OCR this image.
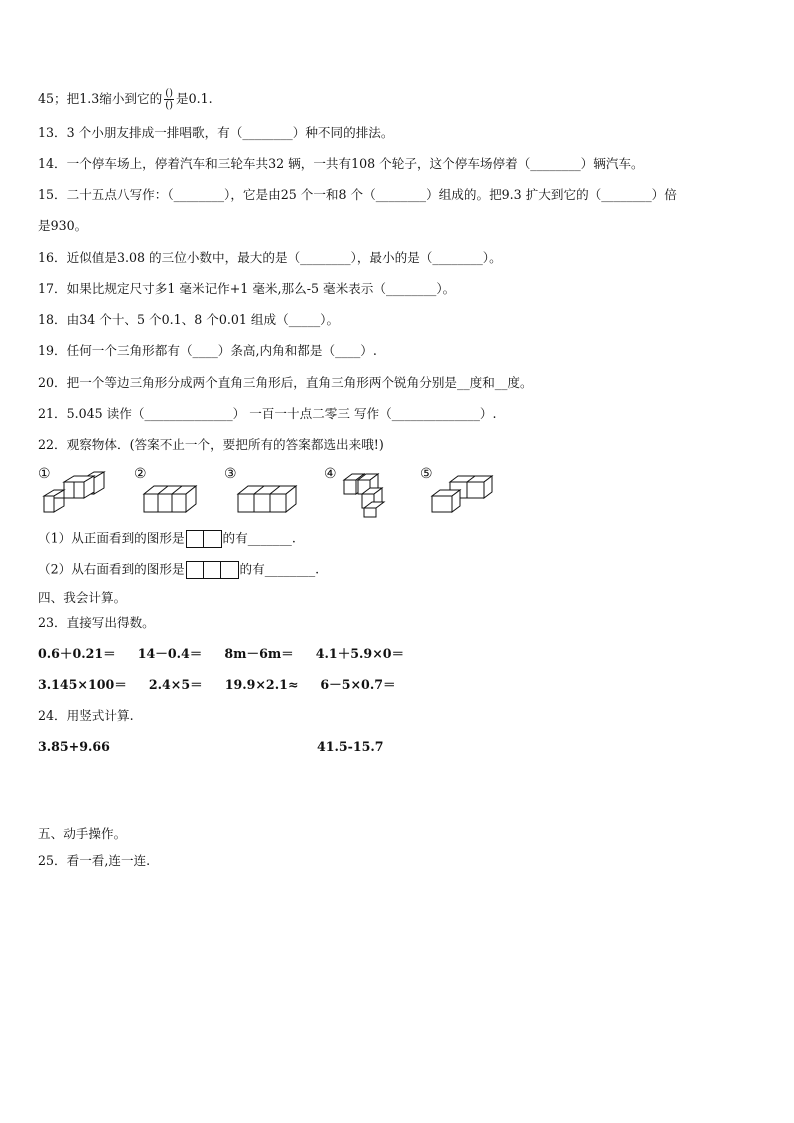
45；把1.3缩小到它的 $\frac{()}{()}$ 是0.1.
13．3 个小朋友排成一排唱歌，有（________）种不同的排法。
14．一个停车场上，停着汽车和三轮车共32 辆，一共有108 个轮子，这个停车场停着（________）辆汽车。
15．二十五点八写作：（________），它是由25 个一和8 个（________）组成的。把9.3 扩大到它的（________）倍
是930。
16．近似值是3.08 的三位小数中，最大的是（________），最小的是（________）。
17．如果比规定尺寸多1 毫米记作+1 毫米,那么-5 毫米表示（________）。
18．由34 个十、5 个0.1、8 个0.01 组成（_____）。
19．任何一个三角形都有（____）条高,内角和都是（____）.
20．把一个等边三角形分成两个直角三角形后，直角三角形两个锐角分别是__度和__度。
21．5.045 读作（______________） 一百一十点二零三 写作（______________）.
22．观察物体．(答案不止一个，要把所有的答案都选出来哦!)
①	②	③	④	⑤
（1）从正面看到的图形是	的有_______.
（2）从右面看到的图形是	的有________.
四、我会计算。
23．直接写出得数。
0.6＋0.21＝ 14－0.4＝ 8m－6m＝ 4.1＋5.9×0＝
3.145×100＝ 2.4×5＝ 19.9×2.1≈ 6－5×0.7＝
24．用竖式计算.
3.85+9.66	41.5-15.7
五、动手操作。
25．看一看,连一连.
